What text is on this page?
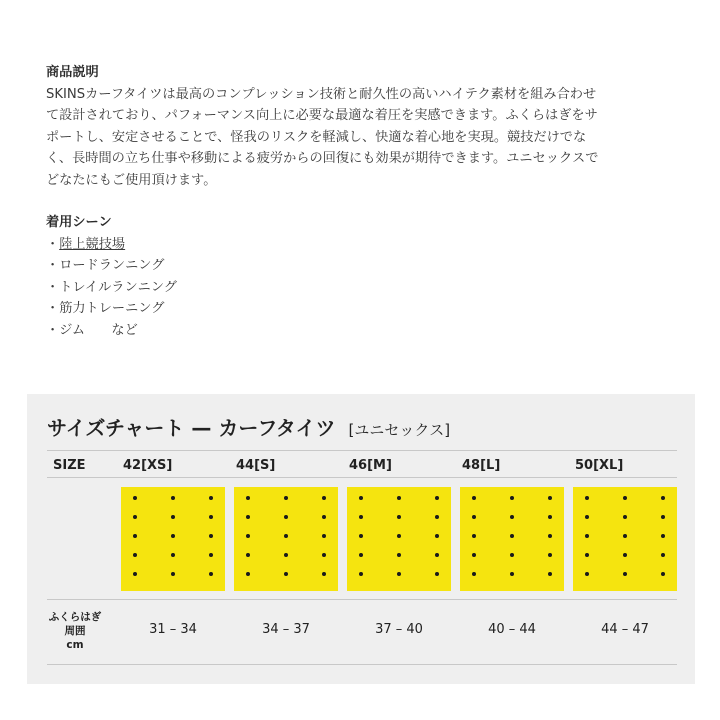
商品説明

SKINSカーフタイツは最高のコンプレッション技術と耐久性の高いハイテク素材を組み合わせ

て設計されており、パフォーマンス向上に必要な最適な着圧を実感できます。ふくらはぎをサ

ポートし、安定させることで、怪我のリスクを軽減し、快適な着心地を実現。競技だけでな

く、長時間の立ち仕事や移動による疲労からの回復にも効果が期待できます。ユニセックスで

どなたにもご使用頂けます。

着用シーン
・ 陸上競技場
・ ロードランニング
・ トレイルランニング
・ 筋力トレーニング
・ ジム　　など
サイズチャート — カーフタイツ [ユニセックス]
SIZE	42[XS]	44[S]	46[M]	48[L]	50[XL]
ふくらはぎ
周囲
cm
31 – 34	34 – 37	37 – 40	40 – 44	44 – 47
